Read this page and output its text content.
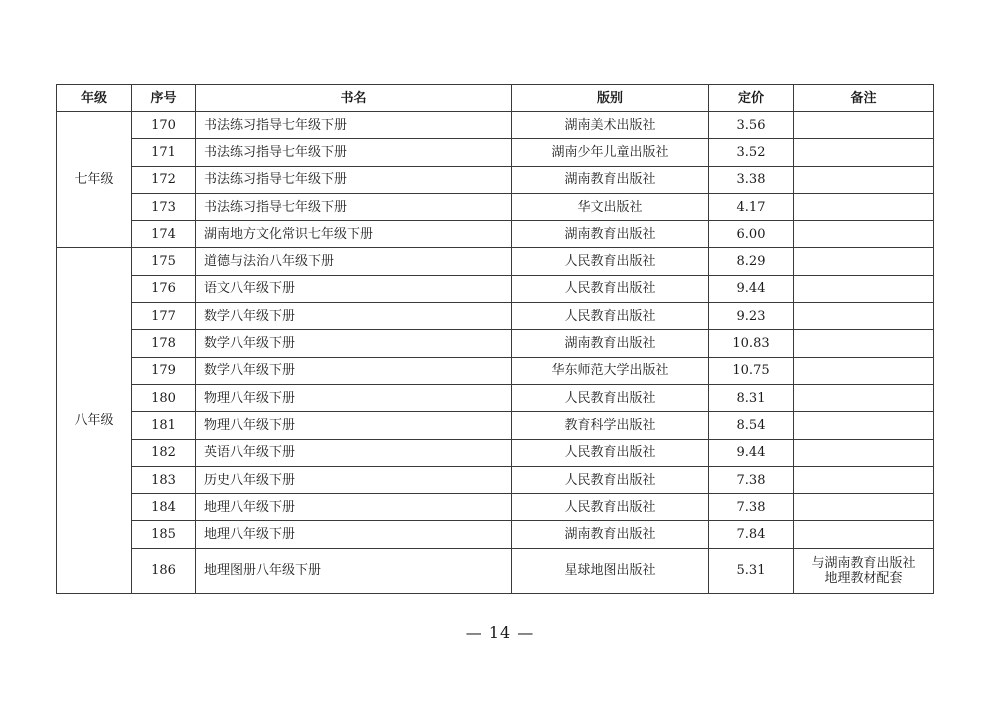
年级	序号	书名	版别	定价	备注
七年级	170	书法练习指导七年级下册	湖南美术出版社	3.56	
	171	书法练习指导七年级下册	湖南少年儿童出版社	3.52	
	172	书法练习指导七年级下册	湖南教育出版社	3.38	
	173	书法练习指导七年级下册	华文出版社	4.17	
	174	湖南地方文化常识七年级下册	湖南教育出版社	6.00	
八年级	175	道德与法治八年级下册	人民教育出版社	8.29	
	176	语文八年级下册	人民教育出版社	9.44	
	177	数学八年级下册	人民教育出版社	9.23	
	178	数学八年级下册	湖南教育出版社	10.83	
	179	数学八年级下册	华东师范大学出版社	10.75	
	180	物理八年级下册	人民教育出版社	8.31	
	181	物理八年级下册	教育科学出版社	8.54	
	182	英语八年级下册	人民教育出版社	9.44	
	183	历史八年级下册	人民教育出版社	7.38	
	184	地理八年级下册	人民教育出版社	7.38	
	185	地理八年级下册	湖南教育出版社	7.84	
	186	地理图册八年级下册	星球地图出版社	5.31	与湖南教育出版社
地理教材配套
— 14 —
